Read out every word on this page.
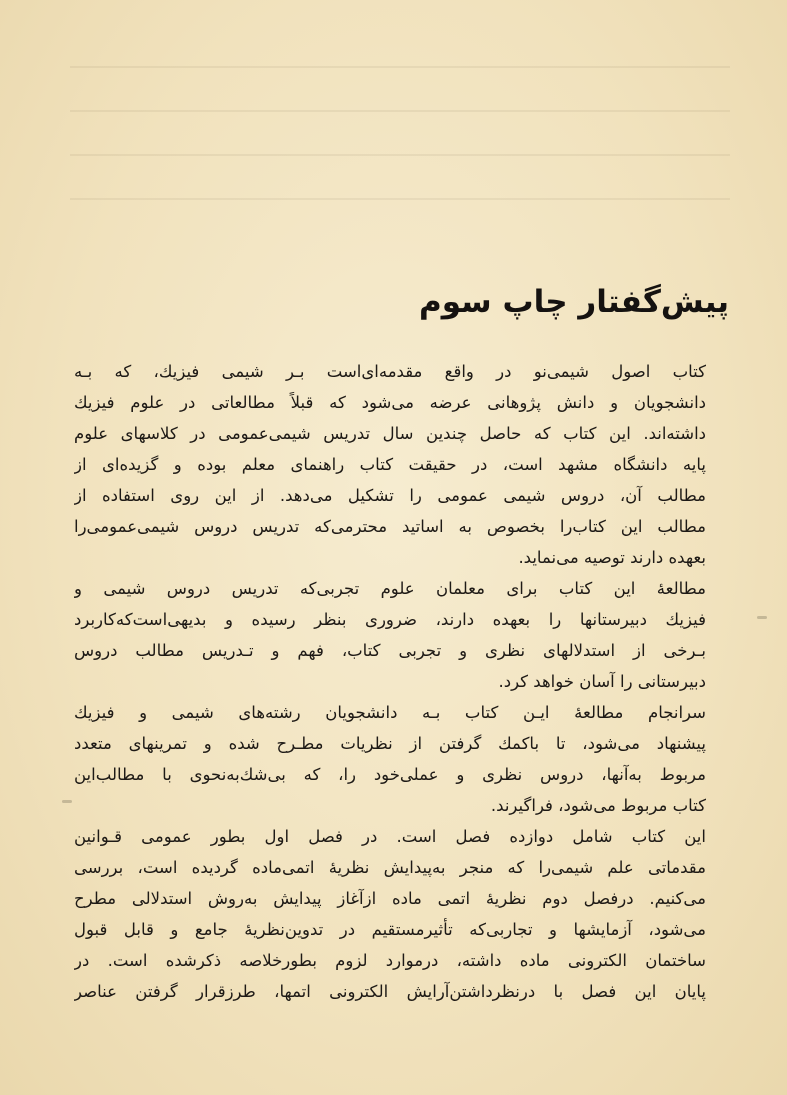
پیش‌گفتار چاپ سوم

کتاب اصول شیمی‌نو در واقع مقدمه‌ای‌است بـر شیمی فیزیك، که بـه
دانشجویان و دانش پژوهانی عرضه می‌شود که قبلاً مطالعاتی در علوم فیزیك
داشته‌اند. این کتاب که حاصل چندین سال تدریس شیمی‌عمومی در کلاسهای علوم
پایه دانشگاه مشهد است، در حقیقت کتاب راهنمای معلم بوده و گزیده‌ای از
مطالب آن، دروس شیمی عمومی را تشکیل می‌دهد. از این روی استفاده از
مطالب این کتاب‌را بخصوص به اساتید محترمی‌که تدریس دروس شیمی‌عمومی‌را
بعهده دارند توصیه می‌نماید.

مطالعهٔ این کتاب برای معلمان علوم تجربی‌که تدریس دروس شیمی و
فیزیك دبیرستانها را بعهده دارند، ضروری بنظر رسیده و بدیهی‌است‌که‌کاربرد
بـرخی از استدلالهای نظری و تجربی کتاب، فهم و تـدریس مطالب دروس
دبیرستانی را آسان خواهد کرد.

سرانجام مطالعهٔ ایـن کتاب بـه دانشجویان رشته‌های شیمی و فیزیك
پیشنهاد می‌شود، تا باکمك گرفتن از نظریات مطـرح شده و تمرینهای متعدد
مربوط به‌آنها، دروس نظری و عملی‌خود را، که بی‌شك‌به‌نحوی با مطالب‌این
کتاب مربوط می‌شود، فراگیرند.

این کتاب شامل دوازده فصل است. در فصل اول بطور عمومی قـوانین
مقدماتی علم شیمی‌را که منجر به‌پیدایش نظریهٔ اتمی‌ماده گردیده است، بررسی
می‌کنیم. درفصل دوم نظریهٔ اتمی ماده ازآغاز پیدایش به‌روش استدلالی مطرح
می‌شود، آزمایشها و تجاربی‌که تأثیرمستقیم در تدوین‌نظریهٔ جامع و قابل قبول
ساختمان الکترونی ماده داشته، درموارد لزوم بطورخلاصه ذکرشده است. در
پایان این فصل با درنظرداشتن‌آرایش الکترونی اتمها، طرزقرار گرفتن عناصر
